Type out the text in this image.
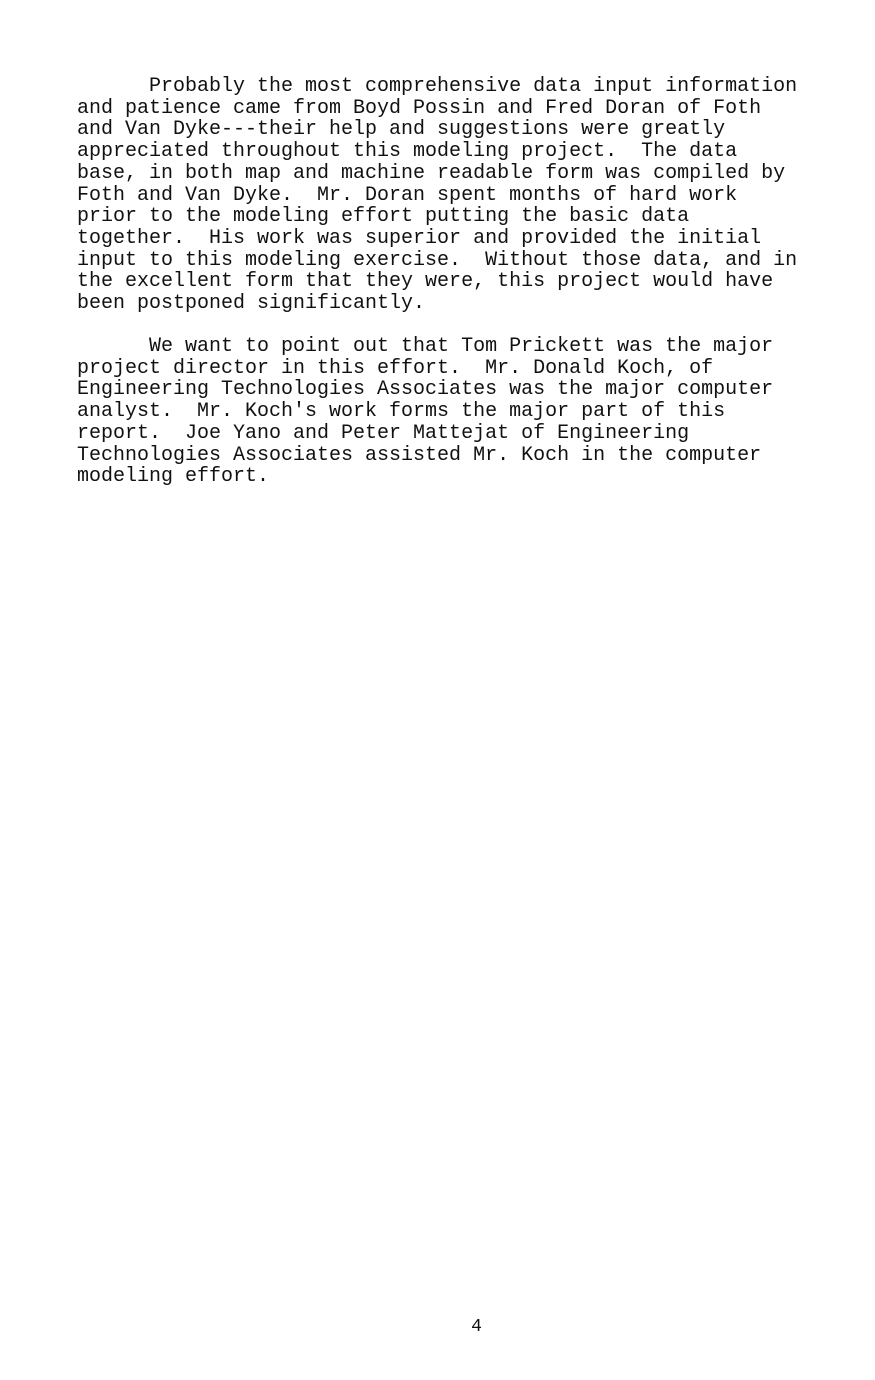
Probably the most comprehensive data input information
and patience came from Boyd Possin and Fred Doran of Foth
and Van Dyke---their help and suggestions were greatly
appreciated throughout this modeling project.  The data
base, in both map and machine readable form was compiled by
Foth and Van Dyke.  Mr. Doran spent months of hard work
prior to the modeling effort putting the basic data
together.  His work was superior and provided the initial
input to this modeling exercise.  Without those data, and in
the excellent form that they were, this project would have
been postponed significantly.
We want to point out that Tom Prickett was the major
project director in this effort.  Mr. Donald Koch, of
Engineering Technologies Associates was the major computer
analyst.  Mr. Koch's work forms the major part of this
report.  Joe Yano and Peter Mattejat of Engineering
Technologies Associates assisted Mr. Koch in the computer
modeling effort.
4
